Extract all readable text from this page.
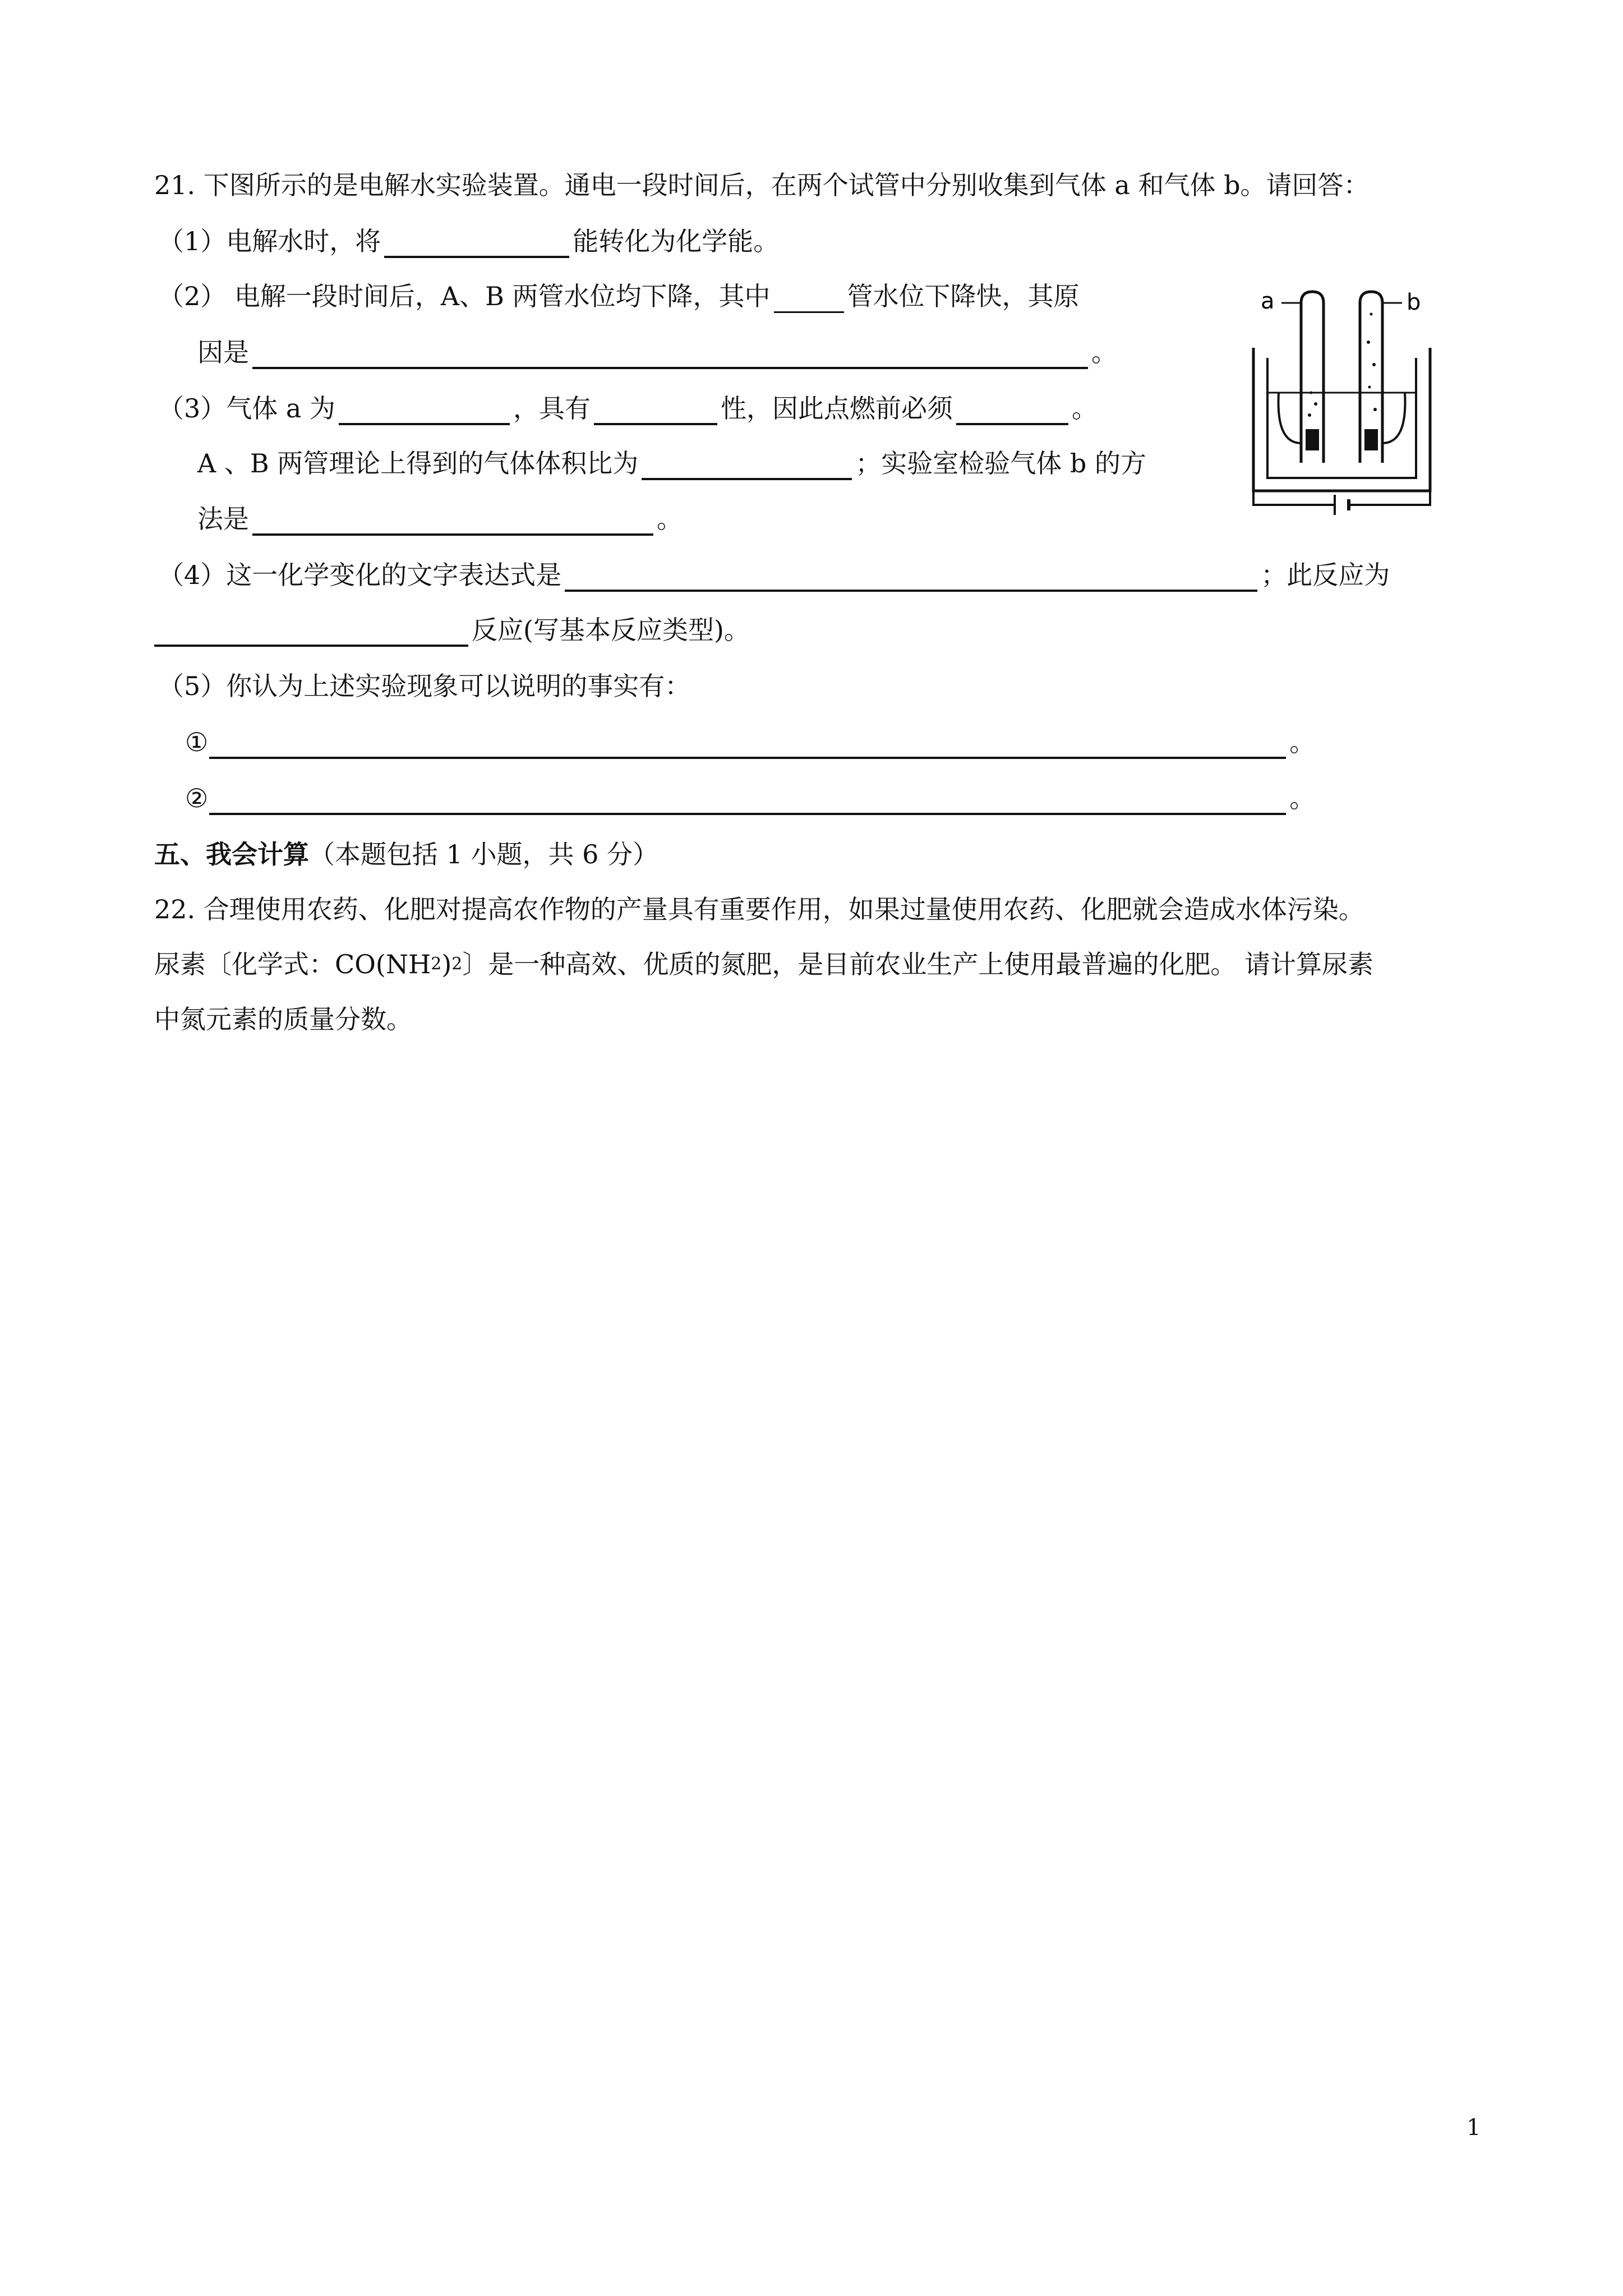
21. 下图所示的是电解水实验装置。通电一段时间后，在两个试管中分别收集到气体 a 和气体 b。请回答：
（1）电解水时，将	能转化为化学能。
（2） 电解一段时间后，A、B 两管水位均下降，其中	管水位下降快，其原
因是	。
（3）气体 a 为	，具有	性，因此点燃前必须	。
A 、B 两管理论上得到的气体体积比为	；实验室检验气体 b 的方
法是	。
（4）这一化学变化的文字表达式是	；此反应为
反应(写基本反应类型)。
（5）你认为上述实验现象可以说明的事实有：
①	。
②	。
a	b
五、我会计算 （本题包括 1 小题，共 6 分）
22. 合理使用农药、化肥对提高农作物的产量具有重要作用，如果过量使用农药、化肥就会造成水体污染。
尿素〔化学式：CO(NH 2 ) 2 〕是一种高效、优质的氮肥，是目前农业生产上使用最普遍的化肥。 请计算尿素
中氮元素的质量分数。
1
